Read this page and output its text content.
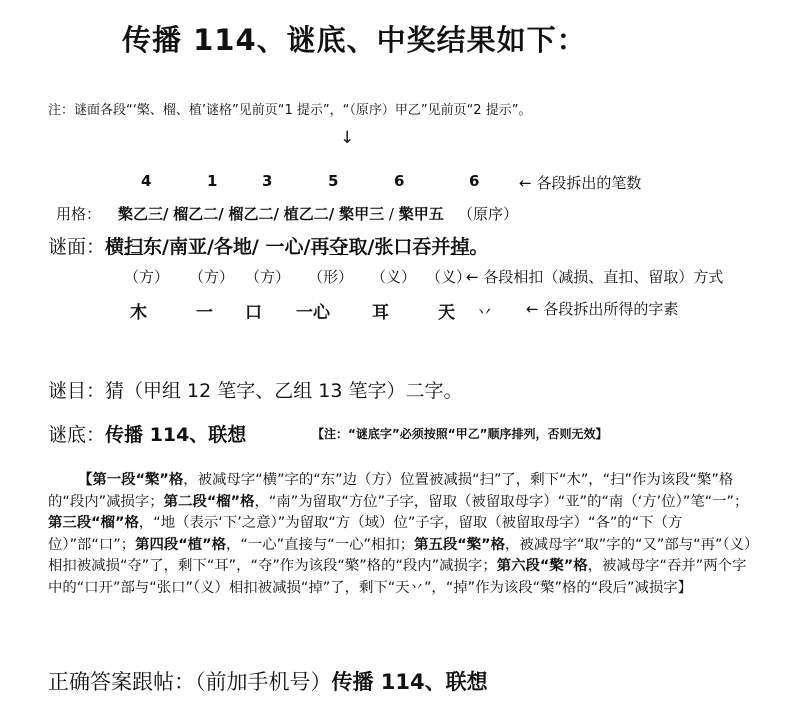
传播 114、谜底、中奖结果如下：
注：谜面各段“‘檠、榴、植’谜格”见前页“1 提示”，“（原序）甲乙”见前页“2 提示”。
↓
4	1	3	5	6	6	← 各段拆出的笔数
用格： 檠乙三/ 榴乙二/ 榴乙二/ 植乙二/ 檠甲三 / 檠甲五 （原序）
谜面：横扫东/南亚/各地/ 一心/再夺取/张口吞并掉。
（方） （方） （方） （形） （义） （义）
← 各段相扣（减损、直扣、留取）方式
木	一 口 一心 耳	天 丷 ← 各段拆出所得的字素
谜目：猜（甲组 12 笔字、乙组 13 笔字）二字。
谜底：传播 114、联想	【注：“谜底字”必须按照“甲乙”顺序排列，否则无效】
【第一段“檠”格，被减母字“横”字的“东”边（方）位置被减损“扫”了，剩下“木”，“扫”作为该段“檠”格的“段内”减损字；第二段“榴”格，“南”为留取“方位”子字，留取（被留取母字）“亚”的“南（‘方’位）”笔“一”；第三段“榴”格，“地（表示‘下’之意）”为留取“方（域）位”子字，留取（被留取母字）“各”的“下（方位）”部“口”；第四段“植”格，“一心”直接与“一心”相扣；第五段“檠”格，被减母字“取”字的“又”部与“再”（义）相扣被减损“夺”了，剩下“耳”，“夺”作为该段“檠”格的“段内”减损字；第六段“檠”格，被减母字“吞并”两个字中的“口开”部与“张口”（义）相扣被减损“掉”了，剩下“天丷”，“掉”作为该段“檠”格的“段后”减损字】
正确答案跟帖：（前加手机号）传播 114、联想
